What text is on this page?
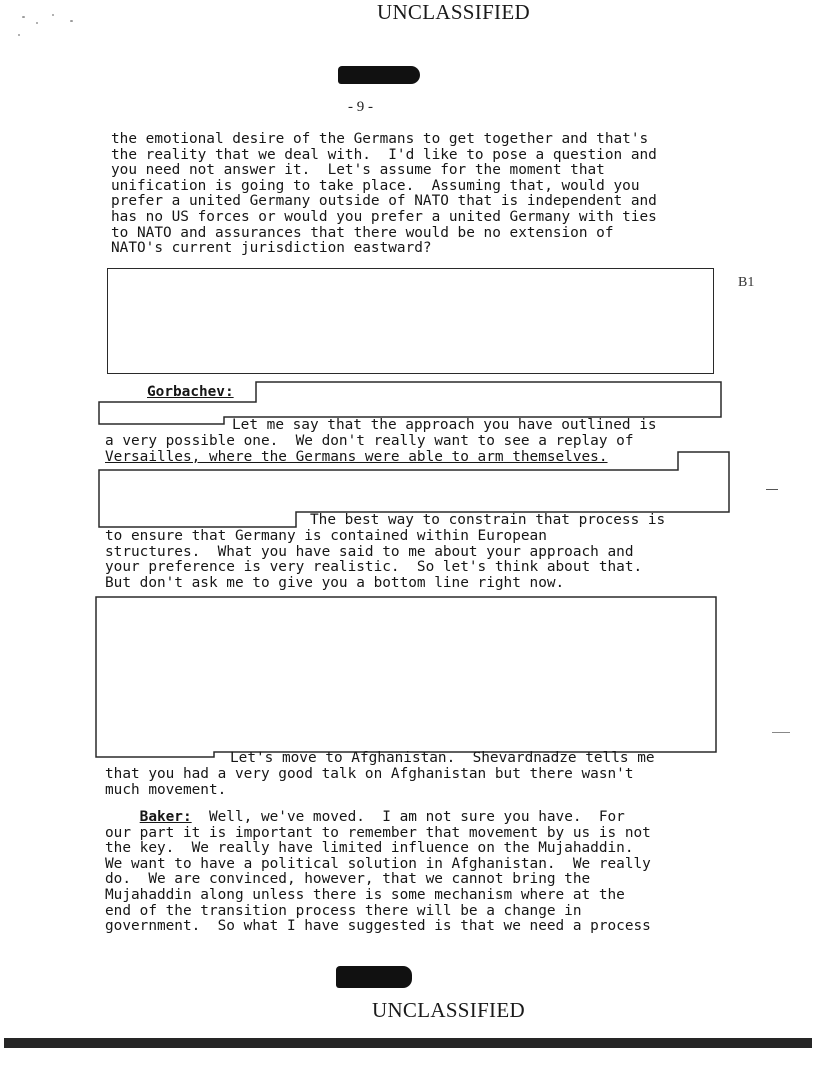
UNCLASSIFIED
- 9 -
the emotional desire of the Germans to get together and that's
the reality that we deal with.  I'd like to pose a question and
you need not answer it.  Let's assume for the moment that
unification is going to take place.  Assuming that, would you
prefer a united Germany outside of NATO that is independent and
has no US forces or would you prefer a united Germany with ties
to NATO and assurances that there would be no extension of
NATO's current jurisdiction eastward?
B1
Gorbachev:
Let me say that the approach you have outlined is
a very possible one.  We don't really want to see a replay of
Versailles, where the Germans were able to arm themselves.
The best way to constrain that process is
to ensure that Germany is contained within European
structures.  What you have said to me about your approach and
your preference is very realistic.  So let's think about that.
But don't ask me to give you a bottom line right now.
Let's move to Afghanistan.  Shevardnadze tells me
that you had a very good talk on Afghanistan but there wasn't
much movement.
Baker:  Well, we've moved.  I am not sure you have.  For
our part it is important to remember that movement by us is not
the key.  We really have limited influence on the Mujahaddin.
We want to have a political solution in Afghanistan.  We really
do.  We are convinced, however, that we cannot bring the
Mujahaddin along unless there is some mechanism where at the
end of the transition process there will be a change in
government.  So what I have suggested is that we need a process
UNCLASSIFIED
